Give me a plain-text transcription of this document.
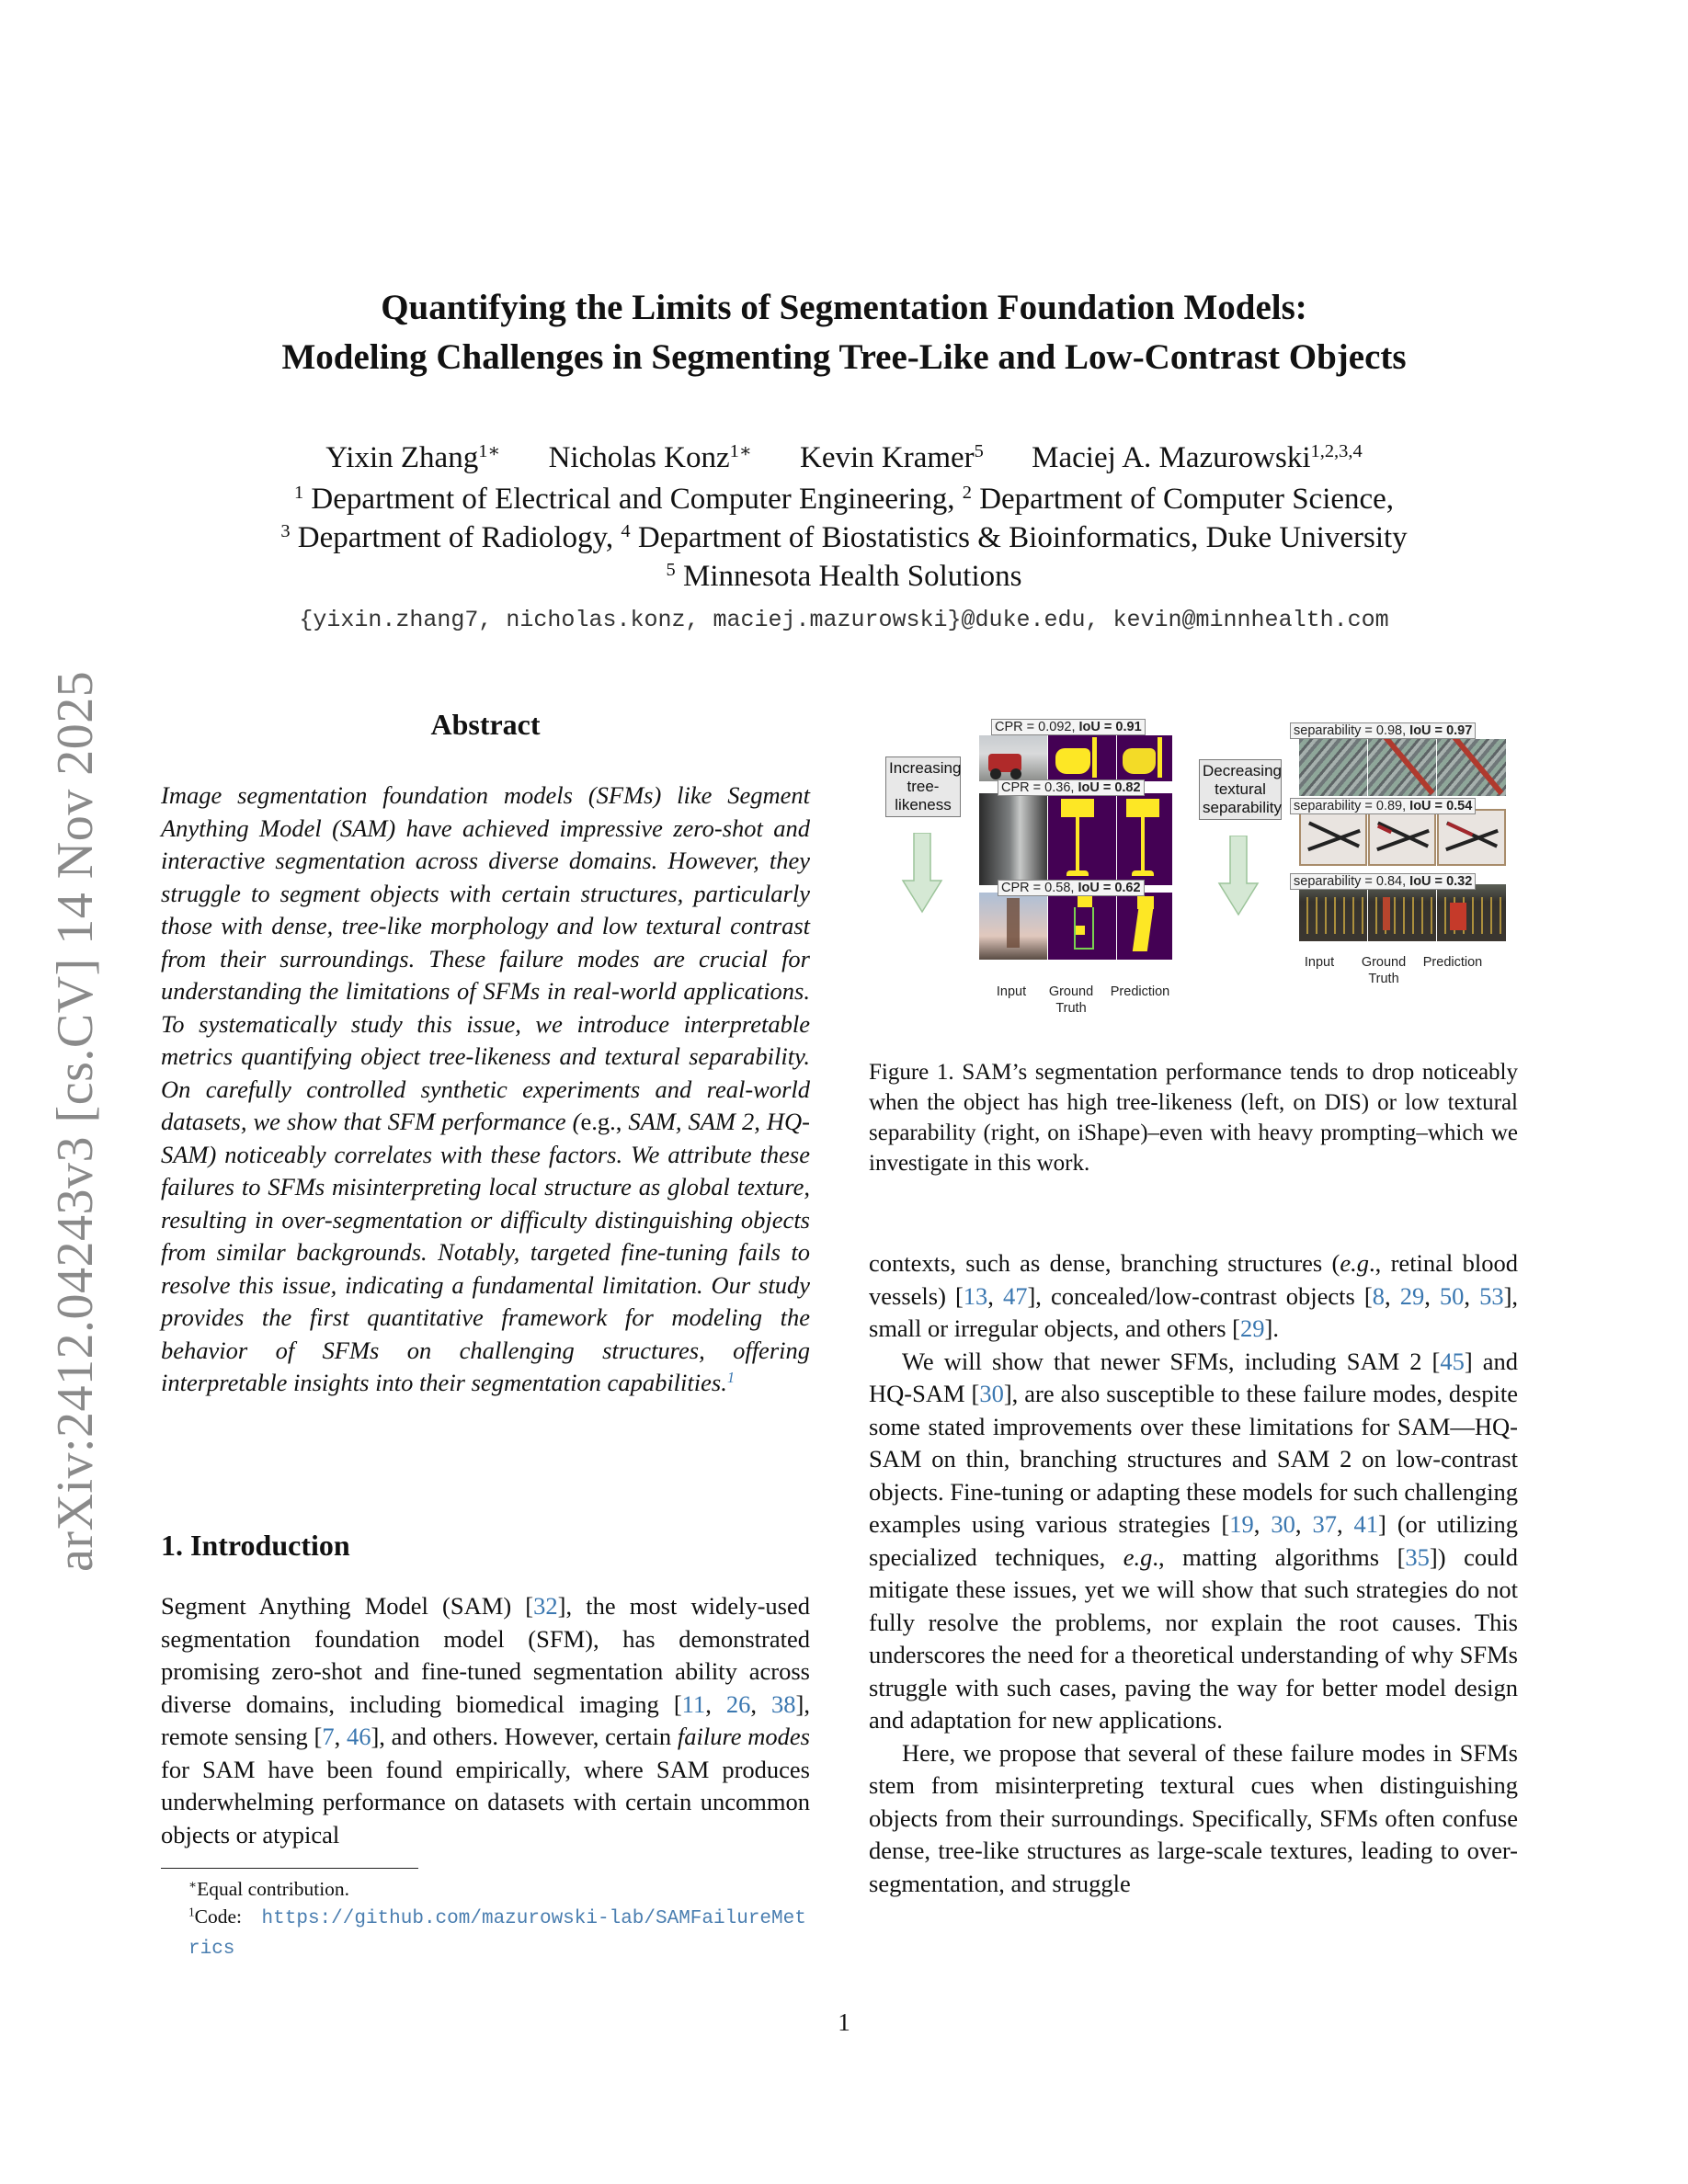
arXiv:2412.04243v3 [cs.CV] 14 Nov 2025
Quantifying the Limits of Segmentation Foundation Models:
Modeling Challenges in Segmenting Tree-Like and Low-Contrast Objects
Yixin Zhang$^{1∗}$ Nicholas Konz$^{1∗}$ Kevin Kramer$^5$ Maciej A. Mazurowski$^{1,2,3,4}$
$^1$ Department of Electrical and Computer Engineering, $^2$ Department of Computer Science,
$^3$ Department of Radiology, $^4$ Department of Biostatistics & Bioinformatics, Duke University
$^5$ Minnesota Health Solutions
{yixin.zhang7, nicholas.konz, maciej.mazurowski}@duke.edu, kevin@minnhealth.com
Abstract
Image segmentation foundation models (SFMs) like Segment Anything Model (SAM) have achieved impressive zero-shot and interactive segmentation across diverse domains. However, they struggle to segment objects with certain structures, particularly those with dense, tree-like morphology and low textural contrast from their surroundings. These failure modes are crucial for understanding the limitations of SFMs in real-world applications. To systematically study this issue, we introduce interpretable metrics quantifying object tree-likeness and textural separability. On carefully controlled synthetic experiments and real-world datasets, we show that SFM performance (e.g., SAM, SAM 2, HQ-SAM) noticeably correlates with these factors. We attribute these failures to SFMs misinterpreting local structure as global texture, resulting in over-segmentation or difficulty distinguishing objects from similar backgrounds. Notably, targeted fine-tuning fails to resolve this issue, indicating a fundamental limitation. Our study provides the first quantitative framework for modeling the behavior of SFMs on challenging structures, offering interpretable insights into their segmentation capabilities.$^1$
1. Introduction

Segment Anything Model (SAM) [32], the most widely-used segmentation foundation model (SFM), has demonstrated promising zero-shot and fine-tuned segmentation ability across diverse domains, including biomedical imaging [11, 26, 38], remote sensing [7, 46], and others. However, certain failure modes for SAM have been found empirically, where SAM produces underwhelming performance on datasets with certain uncommon objects or atypical

∗Equal contribution.
$^1$Code: https://github.com/mazurowski-lab/SAMFailureMetrics
Increasing tree-likeness
CPR = 0.092, IoU = 0.91
CPR = 0.36, IoU = 0.82
CPR = 0.58, IoU = 0.62
Input	Ground Truth
Prediction
Decreasing textural separability
separability = 0.98, IoU = 0.97
separability = 0.89, IoU = 0.54
separability = 0.84, IoU = 0.32
Input	Ground Truth
Prediction
Figure 1. SAM’s segmentation performance tends to drop noticeably when the object has high tree-likeness (left, on DIS) or low textural separability (right, on iShape)–even with heavy prompting–which we investigate in this work.

contexts, such as dense, branching structures (e.g., retinal blood vessels) [13, 47], concealed/low-contrast objects [8, 29, 50, 53], small or irregular objects, and others [29].

We will show that newer SFMs, including SAM 2 [45] and HQ-SAM [30], are also susceptible to these failure modes, despite some stated improvements over these limitations for SAM—HQ-SAM on thin, branching structures and SAM 2 on low-contrast objects. Fine-tuning or adapting these models for such challenging examples using various strategies [19, 30, 37, 41] (or utilizing specialized techniques, e.g., matting algorithms [35]) could mitigate these issues, yet we will show that such strategies do not fully resolve the problems, nor explain the root causes. This underscores the need for a theoretical understanding of why SFMs struggle with such cases, paving the way for better model design and adaptation for new applications.

Here, we propose that several of these failure modes in SFMs stem from misinterpreting textural cues when distinguishing objects from their surroundings. Specifically, SFMs often confuse dense, tree-like structures as large-scale textures, leading to over-segmentation, and struggle

1
